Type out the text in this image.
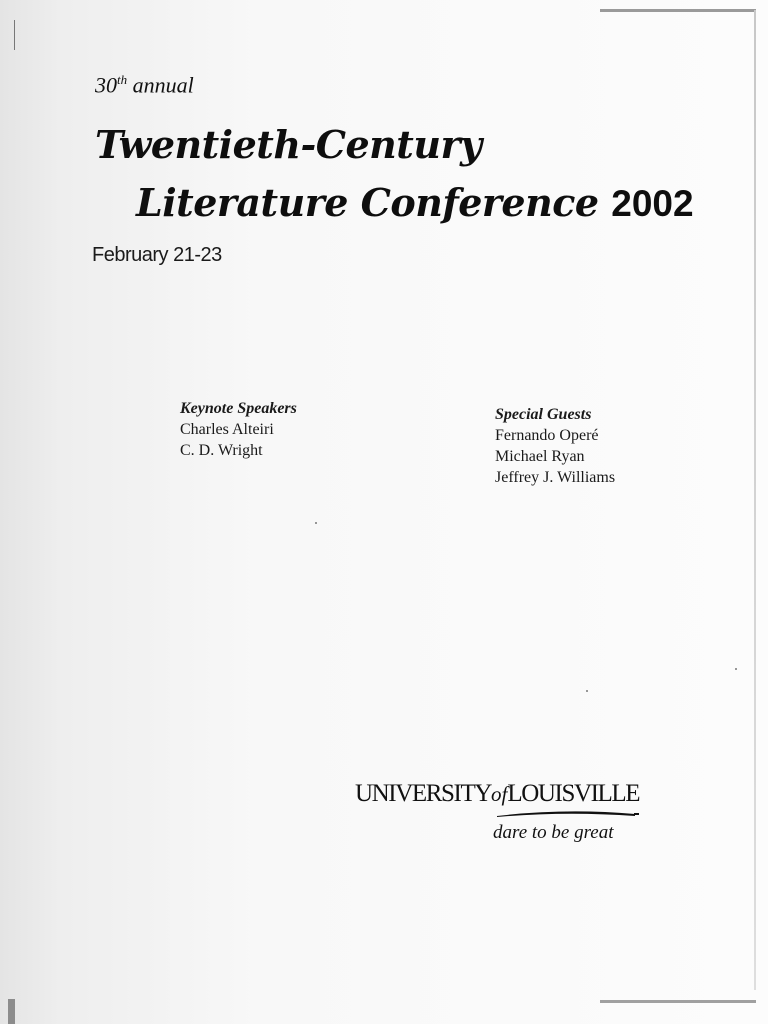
30th annual
Twentieth-Century
Literature Conference 2002
February 21-23
Keynote Speakers
Charles Alteiri
C. D. Wright
Special Guests
Fernando Operé
Michael Ryan
Jeffrey J. Williams
UNIVERSITYofLOUISVILLE
dare to be great
